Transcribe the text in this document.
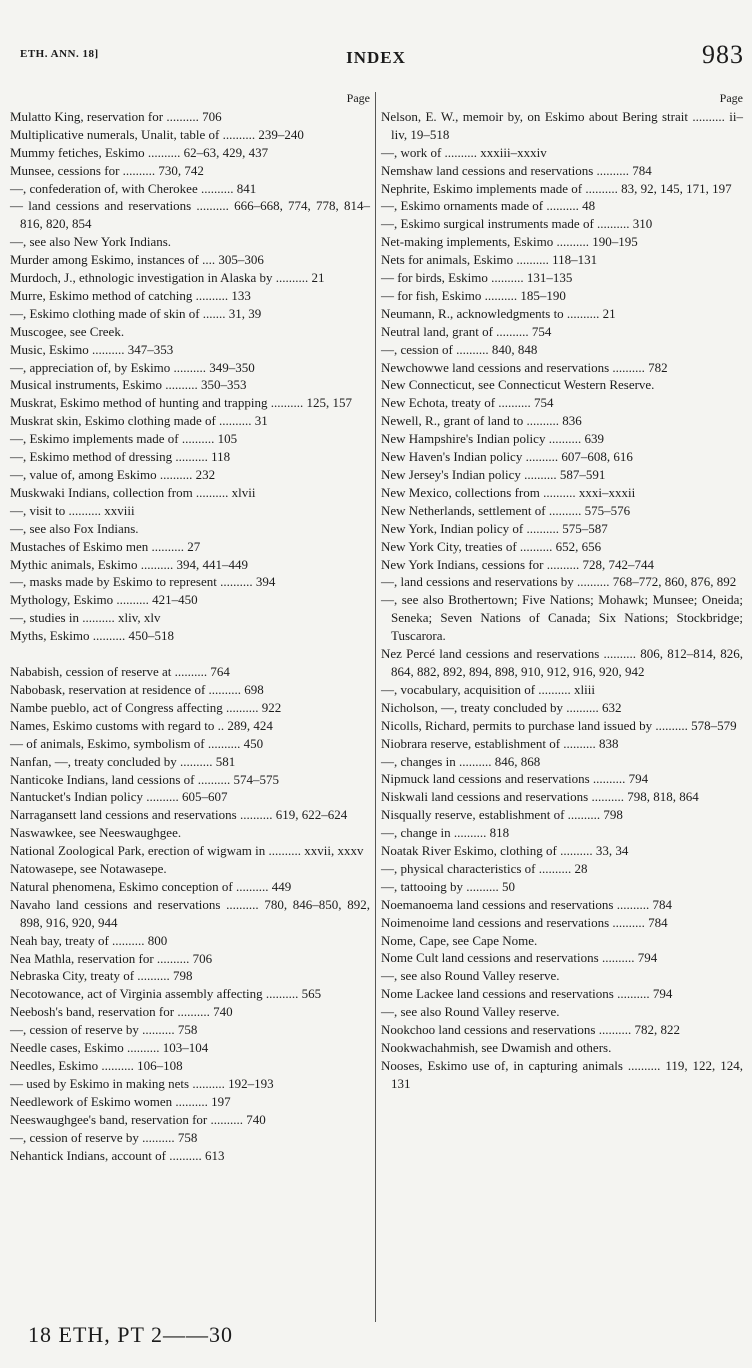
ETH. ANN. 18]	INDEX	983
Page
Mulatto King, reservation for .......... 706
Multiplicative numerals, Unalit, table of .......... 239–240
Mummy fetiches, Eskimo .......... 62–63, 429, 437
Munsee, cessions for .......... 730, 742
—, confederation of, with Cherokee .......... 841
— land cessions and reservations .......... 666–668, 774, 778, 814–816, 820, 854
—, see also New York Indians.
Murder among Eskimo, instances of .... 305–306
Murdoch, J., ethnologic investigation in Alaska by .......... 21
Murre, Eskimo method of catching .......... 133
—, Eskimo clothing made of skin of ....... 31, 39
Muscogee, see Creek.
Music, Eskimo .......... 347–353
—, appreciation of, by Eskimo .......... 349–350
Musical instruments, Eskimo .......... 350–353
Muskrat, Eskimo method of hunting and trapping .......... 125, 157
Muskrat skin, Eskimo clothing made of .......... 31
—, Eskimo implements made of .......... 105
—, Eskimo method of dressing .......... 118
—, value of, among Eskimo .......... 232
Muskwaki Indians, collection from .......... xlvii
—, visit to .......... xxviii
—, see also Fox Indians.
Mustaches of Eskimo men .......... 27
Mythic animals, Eskimo .......... 394, 441–449
—, masks made by Eskimo to represent .......... 394
Mythology, Eskimo .......... 421–450
—, studies in .......... xliv, xlv
Myths, Eskimo .......... 450–518
Nababish, cession of reserve at .......... 764
Nabobask, reservation at residence of .......... 698
Nambe pueblo, act of Congress affecting .......... 922
Names, Eskimo customs with regard to .. 289, 424
— of animals, Eskimo, symbolism of .......... 450
Nanfan, —, treaty concluded by .......... 581
Nanticoke Indians, land cessions of .......... 574–575
Nantucket's Indian policy .......... 605–607
Narragansett land cessions and reservations .......... 619, 622–624
Naswawkee, see Neeswaughgee.
National Zoological Park, erection of wigwam in .......... xxvii, xxxv
Natowasepe, see Notawasepe.
Natural phenomena, Eskimo conception of .......... 449
Navaho land cessions and reservations .......... 780, 846–850, 892, 898, 916, 920, 944
Neah bay, treaty of .......... 800
Nea Mathla, reservation for .......... 706
Nebraska City, treaty of .......... 798
Necotowance, act of Virginia assembly affecting .......... 565
Neebosh's band, reservation for .......... 740
—, cession of reserve by .......... 758
Needle cases, Eskimo .......... 103–104
Needles, Eskimo .......... 106–108
— used by Eskimo in making nets .......... 192–193
Needlework of Eskimo women .......... 197
Neeswaughgee's band, reservation for .......... 740
—, cession of reserve by .......... 758
Nehantick Indians, account of .......... 613
Page
Nelson, E. W., memoir by, on Eskimo about Bering strait .......... ii–liv, 19–518
—, work of .......... xxxiii–xxxiv
Nemshaw land cessions and reservations .......... 784
Nephrite, Eskimo implements made of .......... 83, 92, 145, 171, 197
—, Eskimo ornaments made of .......... 48
—, Eskimo surgical instruments made of .......... 310
Net-making implements, Eskimo .......... 190–195
Nets for animals, Eskimo .......... 118–131
— for birds, Eskimo .......... 131–135
— for fish, Eskimo .......... 185–190
Neumann, R., acknowledgments to .......... 21
Neutral land, grant of .......... 754
—, cession of .......... 840, 848
Newchowwe land cessions and reservations .......... 782
New Connecticut, see Connecticut Western Reserve.
New Echota, treaty of .......... 754
Newell, R., grant of land to .......... 836
New Hampshire's Indian policy .......... 639
New Haven's Indian policy .......... 607–608, 616
New Jersey's Indian policy .......... 587–591
New Mexico, collections from .......... xxxi–xxxii
New Netherlands, settlement of .......... 575–576
New York, Indian policy of .......... 575–587
New York City, treaties of .......... 652, 656
New York Indians, cessions for .......... 728, 742–744
—, land cessions and reservations by .......... 768–772, 860, 876, 892
—, see also Brothertown; Five Nations; Mohawk; Munsee; Oneida; Seneka; Seven Nations of Canada; Six Nations; Stockbridge; Tuscarora.
Nez Percé land cessions and reservations .......... 806, 812–814, 826, 864, 882, 892, 894, 898, 910, 912, 916, 920, 942
—, vocabulary, acquisition of .......... xliii
Nicholson, —, treaty concluded by .......... 632
Nicolls, Richard, permits to purchase land issued by .......... 578–579
Niobrara reserve, establishment of .......... 838
—, changes in .......... 846, 868
Nipmuck land cessions and reservations .......... 794
Niskwali land cessions and reservations .......... 798, 818, 864
Nisqually reserve, establishment of .......... 798
—, change in .......... 818
Noatak River Eskimo, clothing of .......... 33, 34
—, physical characteristics of .......... 28
—, tattooing by .......... 50
Noemanoema land cessions and reservations .......... 784
Noimenoime land cessions and reservations .......... 784
Nome, Cape, see Cape Nome.
Nome Cult land cessions and reservations .......... 794
—, see also Round Valley reserve.
Nome Lackee land cessions and reservations .......... 794
—, see also Round Valley reserve.
Nookchoo land cessions and reservations .......... 782, 822
Nookwachahmish, see Dwamish and others.
Nooses, Eskimo use of, in capturing animals .......... 119, 122, 124, 131
18 ETH, PT 2——30
